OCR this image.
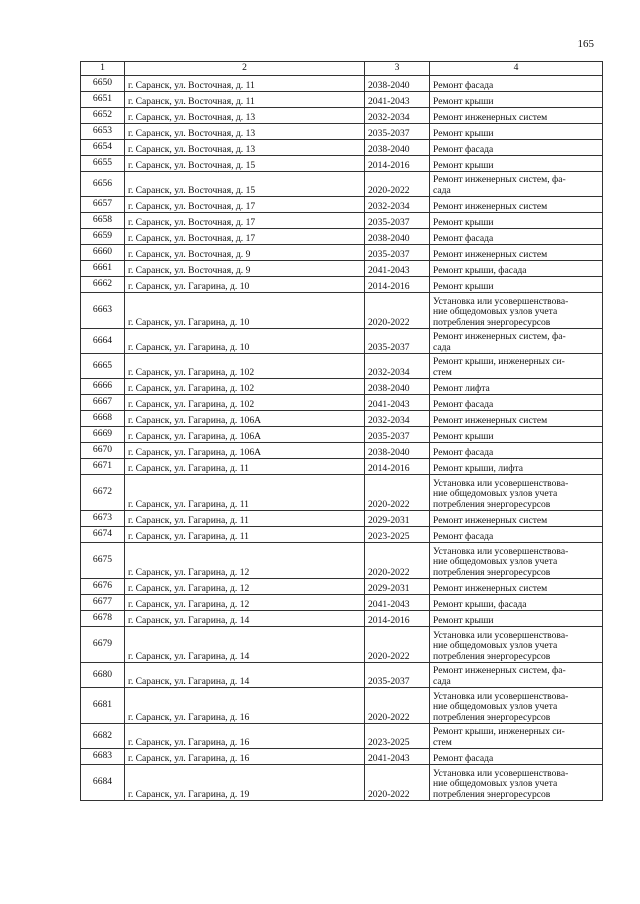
165
1	2	3	4
6650	г. Саранск, ул. Восточная, д. 11	2038-2040	Ремонт фасада

6651	г. Саранск, ул. Восточная, д. 11	2041-2043	Ремонт крыши

6652	г. Саранск, ул. Восточная, д. 13	2032-2034	Ремонт инженерных систем

6653	г. Саранск, ул. Восточная, д. 13	2035-2037	Ремонт крыши

6654	г. Саранск, ул. Восточная, д. 13	2038-2040	Ремонт фасада

6655	г. Саранск, ул. Восточная, д. 15	2014-2016	Ремонт крыши

6656	г. Саранск, ул. Восточная, д. 15	2020-2022	Ремонт инженерных систем, фа-
сада

6657	г. Саранск, ул. Восточная, д. 17	2032-2034	Ремонт инженерных систем

6658	г. Саранск, ул. Восточная, д. 17	2035-2037	Ремонт крыши

6659	г. Саранск, ул. Восточная, д. 17	2038-2040	Ремонт фасада

6660	г. Саранск, ул. Восточная, д. 9	2035-2037	Ремонт инженерных систем

6661	г. Саранск, ул. Восточная, д. 9	2041-2043	Ремонт крыши, фасада

6662	г. Саранск, ул. Гагарина, д. 10	2014-2016	Ремонт крыши

6663	г. Саранск, ул. Гагарина, д. 10	2020-2022	Установка или усовершенствова-
ние общедомовых узлов учета
потребления энергоресурсов

6664	г. Саранск, ул. Гагарина, д. 10	2035-2037	Ремонт инженерных систем, фа-
сада

6665	г. Саранск, ул. Гагарина, д. 102	2032-2034	Ремонт крыши, инженерных си-
стем

6666	г. Саранск, ул. Гагарина, д. 102	2038-2040	Ремонт лифта

6667	г. Саранск, ул. Гагарина, д. 102	2041-2043	Ремонт фасада

6668	г. Саранск, ул. Гагарина, д. 106А	2032-2034	Ремонт инженерных систем

6669	г. Саранск, ул. Гагарина, д. 106А	2035-2037	Ремонт крыши

6670	г. Саранск, ул. Гагарина, д. 106А	2038-2040	Ремонт фасада

6671	г. Саранск, ул. Гагарина, д. 11	2014-2016	Ремонт крыши, лифта

6672	г. Саранск, ул. Гагарина, д. 11	2020-2022	Установка или усовершенствова-
ние общедомовых узлов учета
потребления энергоресурсов

6673	г. Саранск, ул. Гагарина, д. 11	2029-2031	Ремонт инженерных систем

6674	г. Саранск, ул. Гагарина, д. 11	2023-2025	Ремонт фасада

6675	г. Саранск, ул. Гагарина, д. 12	2020-2022	Установка или усовершенствова-
ние общедомовых узлов учета
потребления энергоресурсов

6676	г. Саранск, ул. Гагарина, д. 12	2029-2031	Ремонт инженерных систем

6677	г. Саранск, ул. Гагарина, д. 12	2041-2043	Ремонт крыши, фасада

6678	г. Саранск, ул. Гагарина, д. 14	2014-2016	Ремонт крыши

6679	г. Саранск, ул. Гагарина, д. 14	2020-2022	Установка или усовершенствова-
ние общедомовых узлов учета
потребления энергоресурсов

6680	г. Саранск, ул. Гагарина, д. 14	2035-2037	Ремонт инженерных систем, фа-
сада

6681	г. Саранск, ул. Гагарина, д. 16	2020-2022	Установка или усовершенствова-
ние общедомовых узлов учета
потребления энергоресурсов

6682	г. Саранск, ул. Гагарина, д. 16	2023-2025	Ремонт крыши, инженерных си-
стем

6683	г. Саранск, ул. Гагарина, д. 16	2041-2043	Ремонт фасада

6684	г. Саранск, ул. Гагарина, д. 19	2020-2022	Установка или усовершенствова-
ние общедомовых узлов учета
потребления энергоресурсов
